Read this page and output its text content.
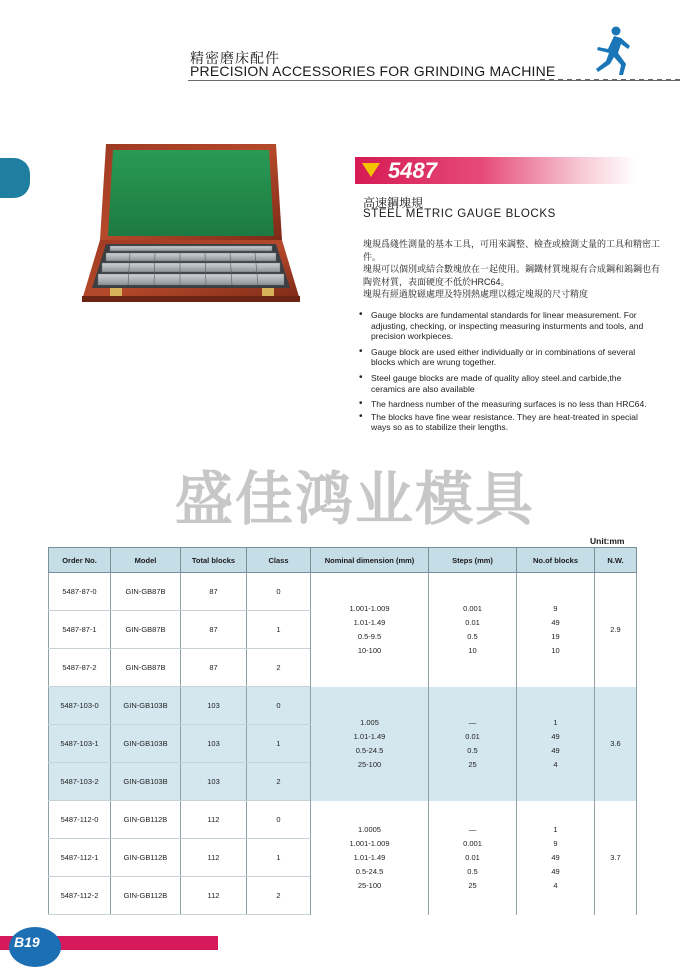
精密磨床配件
PRECISION ACCESSORIES FOR GRINDING MACHINE
5487
高速鋼塊規
STEEL METRIC GAUGE BLOCKS
塊規爲綫性測量的基本工具，可用來調整、檢查或檢測丈量的工具和精密工件。
塊規可以個別或結合數塊放在一起使用。鋼鐵材質塊規有合成鋼和鎢鋼也有陶瓷材質，表面硬度不低於HRC64。
塊規有經過脫磁處理及特別熱處理以穩定塊規的尺寸精度
• Gauge blocks are fundamental standards for linear measurement. For adjusting, checking, or inspecting measuring insturments and tools, and precision workpieces.
• Gauge block are used either individually or in combinations of several blocks which are wrung together.
• Steel gauge blocks are made of quality alloy steel.and carbide,the ceramics are also available
• The hardness number of the measuring surfaces is no less than HRC64.
• The blocks have fine wear resistance. They are heat-treated in special ways so as to stabilize their lengths.
盛佳鸿业模具
Unit:mm
Order No.	Model	Total blocks	Class	Nominal dimension (mm)	Steps (mm)	No.of blocks	N.W.
5487-87-0	GIN-GB87B	87	0	1.001-1.009
1.01-1.49
0.5-9.5
10-100	0.001
0.01
0.5
10	9
49
19
10	2.9
5487-87-1	GIN-GB87B	87	1				
5487-87-2	GIN-GB87B	87	2				
5487-103-0	GIN-GB103B	103	0	1.005
1.01-1.49
0.5-24.5
25-100	—
0.01
0.5
25	1
49
49
4	3.6
5487-103-1	GIN-GB103B	103	1				
5487-103-2	GIN-GB103B	103	2				
5487-112-0	GIN-GB112B	112	0	1.0005
1.001-1.009
1.01-1.49
0.5-24.5
25-100	—
0.001
0.01
0.5
25	1
9
49
49
4	3.7
5487-112-1	GIN-GB112B	112	1				
5487-112-2	GIN-GB112B	112	2				
B19
